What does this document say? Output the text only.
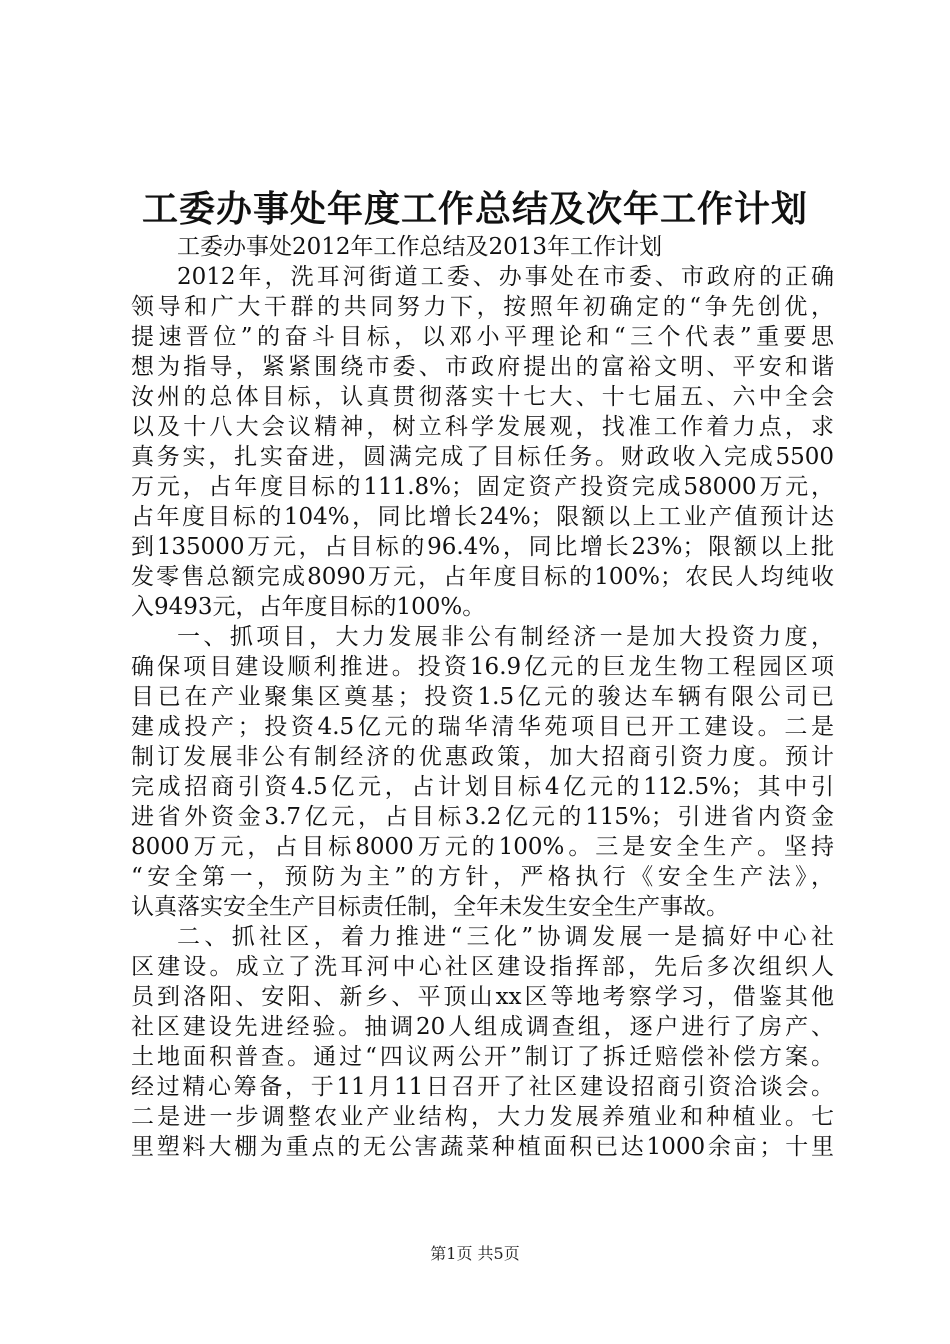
工委办事处年度工作总结及次年工作计划
工委办事处2012年工作总结及2013年工作计划
2012年，洗耳河街道工委、办事处在市委、市政府的正确
领导和广大干群的共同努力下，按照年初确定的“争先创优，
提速晋位”的奋斗目标，以邓小平理论和“三个代表”重要思
想为指导，紧紧围绕市委、市政府提出的富裕文明、平安和谐
汝州的总体目标，认真贯彻落实十七大、十七届五、六中全会
以及十八大会议精神，树立科学发展观，找准工作着力点，求
真务实，扎实奋进，圆满完成了目标任务。财政收入完成5500
万元，占年度目标的111.8%；固定资产投资完成58000万元，
占年度目标的104%，同比增长24%；限额以上工业产值预计达
到135000万元，占目标的96.4%，同比增长23%；限额以上批
发零售总额完成8090万元，占年度目标的100%；农民人均纯收
入9493元，占年度目标的100%。
一、抓项目，大力发展非公有制经济一是加大投资力度，
确保项目建设顺利推进。投资16.9亿元的巨龙生物工程园区项
目已在产业聚集区奠基；投资1.5亿元的骏达车辆有限公司已
建成投产；投资4.5亿元的瑞华清华苑项目已开工建设。二是
制订发展非公有制经济的优惠政策，加大招商引资力度。预计
完成招商引资4.5亿元，占计划目标4亿元的112.5%；其中引
进省外资金3.7亿元，占目标3.2亿元的115%；引进省内资金
8000万元，占目标8000万元的100%。三是安全生产。坚持
“安全第一，预防为主”的方针，严格执行《安全生产法》，
认真落实安全生产目标责任制，全年未发生安全生产事故。
二、抓社区，着力推进“三化”协调发展一是搞好中心社
区建设。成立了洗耳河中心社区建设指挥部，先后多次组织人
员到洛阳、安阳、新乡、平顶山xx区等地考察学习，借鉴其他
社区建设先进经验。抽调20人组成调查组，逐户进行了房产、
土地面积普查。通过“四议两公开”制订了拆迁赔偿补偿方案。
经过精心筹备，于11月11日召开了社区建设招商引资洽谈会。
二是进一步调整农业产业结构，大力发展养殖业和种植业。七
里塑料大棚为重点的无公害蔬菜种植面积已达1000余亩；十里
第1页 共5页
